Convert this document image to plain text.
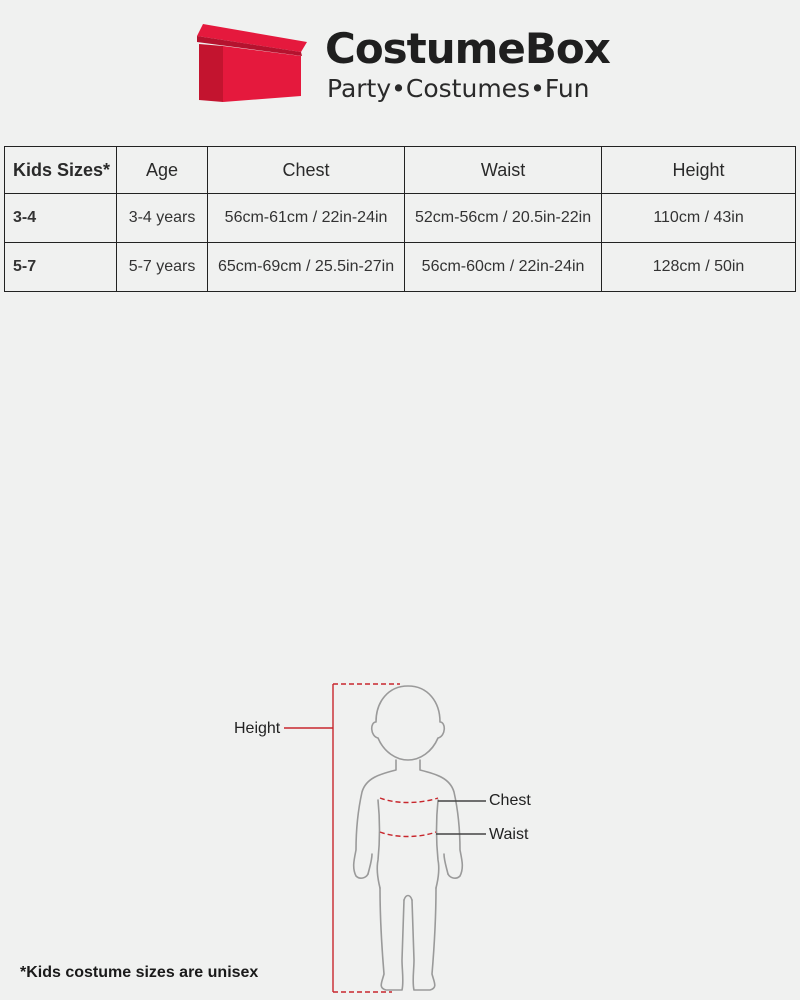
CostumeBox
Party•Costumes•Fun
Kids Sizes*	Age	Chest	Waist	Height
3-4	3-4 years	56cm-61cm / 22in-24in	52cm-56cm / 20.5in-22in	110cm / 43in
5-7	5-7 years	65cm-69cm / 25.5in-27in	56cm-60cm / 22in-24in	128cm / 50in
Height
Chest
Waist
*Kids costume sizes are unisex
